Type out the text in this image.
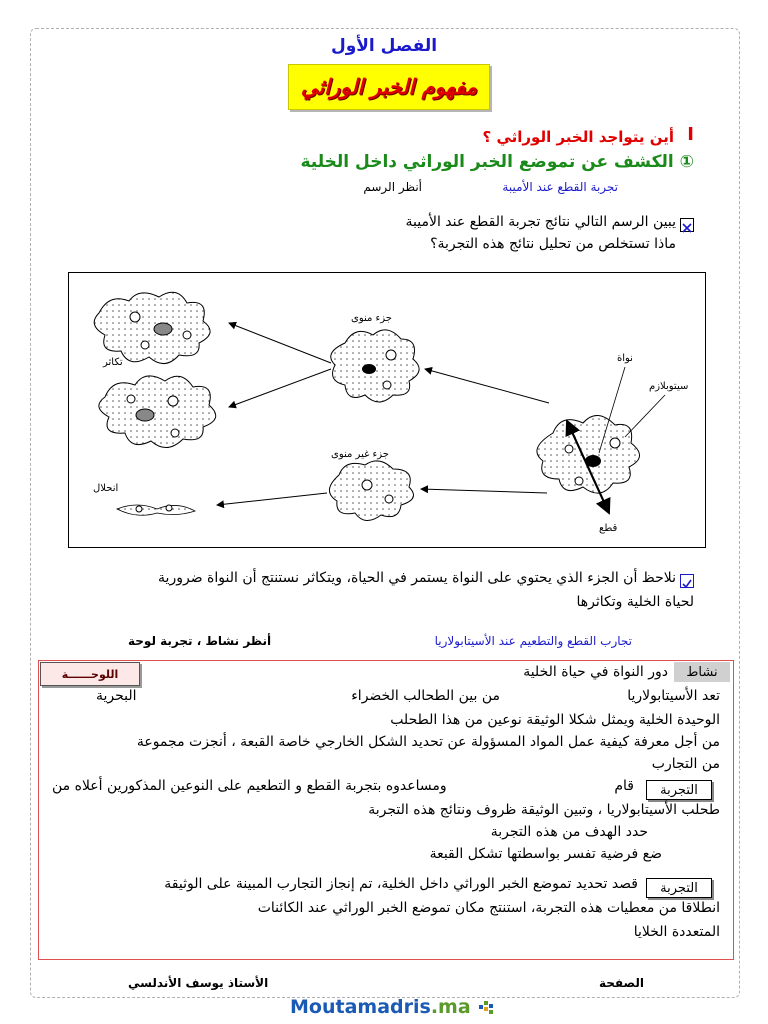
الفصل الأول
مفهوم الخبر الوراثي
I
أين يتواجد الخبر الوراثي ؟
① الكشف عن تموضع الخبر الوراثي داخل الخلية
تجربة القطع عند الأميبة
أنظر الرسم
يبين الرسم التالي نتائج تجربة القطع عند الأميبة
ماذا تستخلص من تحليل نتائج هذه التجربة؟
تكاثر
انحلال
جزء منوى
جزء غير منوى
قطع
نواة
سيتوبلازم
نلاحظ أن الجزء الذي يحتوي على النواة يستمر في الحياة، ويتكاثر نستنتج أن النواة ضرورية
لحياة الخلية وتكاثرها
تجارب القطع والتطعيم عند الأسيتابولاريا
أنظر نشاط ، تجربة لوحة
اللوحــــــة	نشاط
دور النواة في حياة الخلية
تعد الأسيتابولاريا
من بين الطحالب الخضراء
البحرية
الوحيدة الخلية ويمثل شكلا الوثيقة نوعين من هذا الطحلب
من أجل معرفة كيفية عمل المواد المسؤولة عن تحديد الشكل الخارجي خاصة القبعة ، أنجزت مجموعة
من التجارب
التجربة
قام
ومساعدوه بتجربة القطع و التطعيم على النوعين المذكورين أعلاه من
طحلب الأسيتابولاريا ، وتبين الوثيقة ظروف ونتائج هذه التجربة
حدد الهدف من هذه التجربة
ضع فرضية تفسر بواسطتها تشكل القبعة
التجربة
قصد تحديد تموضع الخبر الوراثي داخل الخلية، تم إنجاز التجارب المبينة على الوثيقة
انطلاقا من معطيات هذه التجربة، استنتج مكان تموضع الخبر الوراثي عند الكائنات
المتعددة الخلايا
الصفحة
الأستاذ يوسف الأندلسي
Moutamadris.ma
